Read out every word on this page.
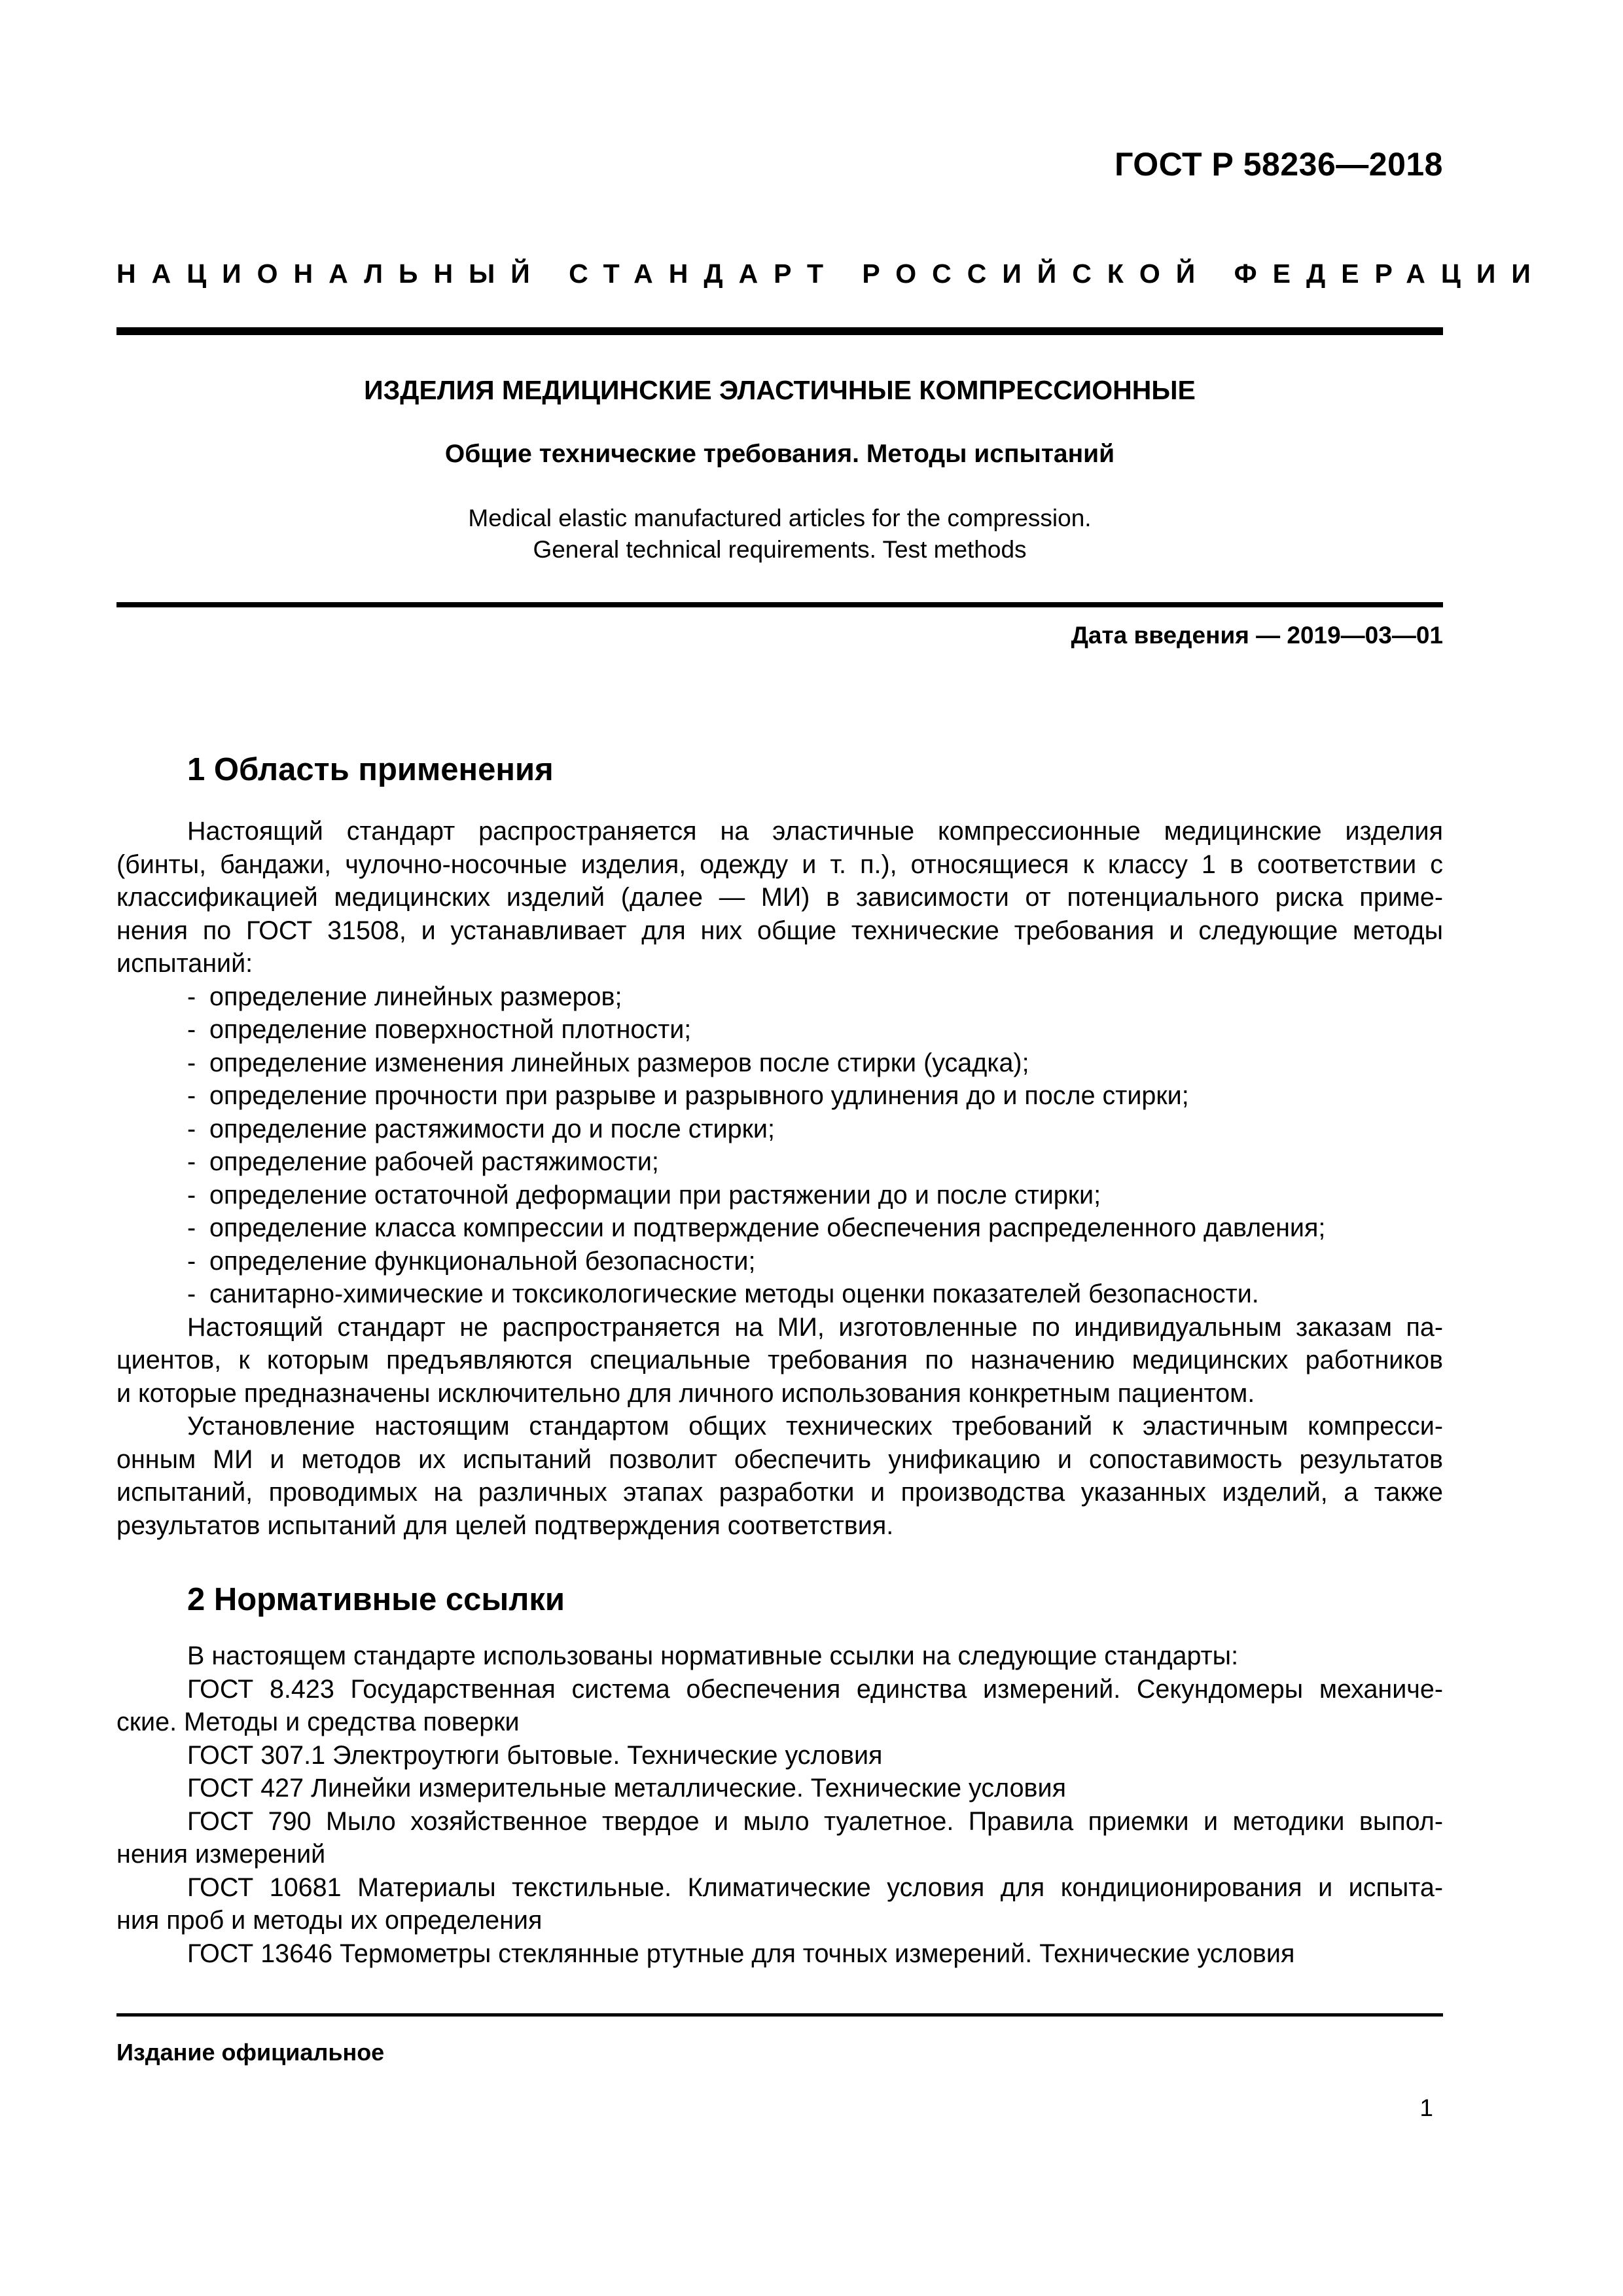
ГОСТ Р 58236—2018
НАЦИОНАЛЬНЫЙ СТАНДАРТ РОССИЙСКОЙ ФЕДЕРАЦИИ
ИЗДЕЛИЯ МЕДИЦИНСКИЕ ЭЛАСТИЧНЫЕ КОМПРЕССИОННЫЕ
Общие технические требования. Методы испытаний
Medical elastic manufactured articles for the compression.
General technical requirements. Test methods
Дата введения — 2019—03—01
1 Область применения
Настоящий стандарт распространяется на эластичные компрессионные медицинские изделия
(бинты, бандажи, чулочно-носочные изделия, одежду и т. п.), относящиеся к классу 1 в соответствии с
классификацией медицинских изделий (далее — МИ) в зависимости от потенциального риска приме-
нения по ГОСТ 31508, и устанавливает для них общие технические требования и следующие методы
испытаний:
- определение линейных размеров;
- определение поверхностной плотности;
- определение изменения линейных размеров после стирки (усадка);
- определение прочности при разрыве и разрывного удлинения до и после стирки;
- определение растяжимости до и после стирки;
- определение рабочей растяжимости;
- определение остаточной деформации при растяжении до и после стирки;
- определение класса компрессии и подтверждение обеспечения распределенного давления;
- определение функциональной безопасности;
- санитарно-химические и токсикологические методы оценки показателей безопасности.
Настоящий стандарт не распространяется на МИ, изготовленные по индивидуальным заказам па-
циентов, к которым предъявляются специальные требования по назначению медицинских работников
и которые предназначены исключительно для личного использования конкретным пациентом.
Установление настоящим стандартом общих технических требований к эластичным компресси-
онным МИ и методов их испытаний позволит обеспечить унификацию и сопоставимость результатов
испытаний, проводимых на различных этапах разработки и производства указанных изделий, а также
результатов испытаний для целей подтверждения соответствия.
2 Нормативные ссылки
В настоящем стандарте использованы нормативные ссылки на следующие стандарты:
ГОСТ 8.423 Государственная система обеспечения единства измерений. Секундомеры механиче-
ские. Методы и средства поверки
ГОСТ 307.1 Электроутюги бытовые. Технические условия
ГОСТ 427 Линейки измерительные металлические. Технические условия
ГОСТ 790 Мыло хозяйственное твердое и мыло туалетное. Правила приемки и методики выпол-
нения измерений
ГОСТ 10681 Материалы текстильные. Климатические условия для кондиционирования и испыта-
ния проб и методы их определения
ГОСТ 13646 Термометры стеклянные ртутные для точных измерений. Технические условия
Издание официальное
1
